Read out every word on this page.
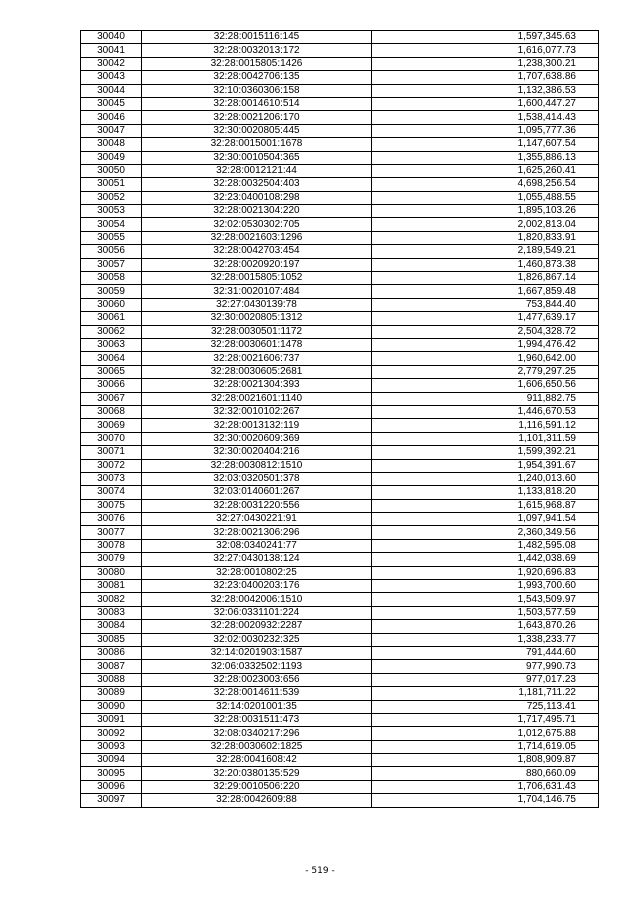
30040	32:28:0015116:145	1,597,345.63
30041	32:28:0032013:172	1,616,077.73
30042	32:28:0015805:1426	1,238,300.21
30043	32:28:0042706:135	1,707,638.86
30044	32:10:0360306:158	1,132,386.53
30045	32:28:0014610:514	1,600,447.27
30046	32:28:0021206:170	1,538,414.43
30047	32:30:0020805:445	1,095,777.36
30048	32:28:0015001:1678	1,147,607.54
30049	32:30:0010504:365	1,355,886.13
30050	32:28:0012121:44	1,625,260.41
30051	32:28:0032504:403	4,698,256.54
30052	32:23:0400108:298	1,055,488.55
30053	32:28:0021304:220	1,895,103.26
30054	32:02:0530302:705	2,002,813.04
30055	32:28:0021603:1296	1,820,833.91
30056	32:28:0042703:454	2,189,549.21
30057	32:28:0020920:197	1,460,873.38
30058	32:28:0015805:1052	1,826,867.14
30059	32:31:0020107:484	1,667,859.48
30060	32:27:0430139:78	753,844.40
30061	32:30:0020805:1312	1,477,639.17
30062	32:28:0030501:1172	2,504,328.72
30063	32:28:0030601:1478	1,994,476.42
30064	32:28:0021606:737	1,960,642.00
30065	32:28:0030605:2681	2,779,297.25
30066	32:28:0021304:393	1,606,650.56
30067	32:28:0021601:1140	911,882.75
30068	32:32:0010102:267	1,446,670.53
30069	32:28:0013132:119	1,116,591.12
30070	32:30:0020609:369	1,101,311.59
30071	32:30:0020404:216	1,599,392.21
30072	32:28:0030812:1510	1,954,391.67
30073	32:03:0320501:378	1,240,013.60
30074	32:03:0140601:267	1,133,818.20
30075	32:28:0031220:556	1,615,968.87
30076	32:27:0430221:91	1,097,941.54
30077	32:28:0021306:296	2,360,349.56
30078	32:08:0340241:77	1,482,595.08
30079	32:27:0430138:124	1,442,038.69
30080	32:28:0010802:25	1,920,696.83
30081	32:23:0400203:176	1,993,700.60
30082	32:28:0042006:1510	1,543,509.97
30083	32:06:0331101:224	1,503,577.59
30084	32:28:0020932:2287	1,643,870.26
30085	32:02:0030232:325	1,338,233.77
30086	32:14:0201903:1587	791,444.60
30087	32:06:0332502:1193	977,990.73
30088	32:28:0023003:656	977,017.23
30089	32:28:0014611:539	1,181,711.22
30090	32:14:0201001:35	725,113.41
30091	32:28:0031511:473	1,717,495.71
30092	32:08:0340217:296	1,012,675.88
30093	32:28:0030602:1825	1,714,619.05
30094	32:28:0041608:42	1,808,909.87
30095	32:20:0380135:529	880,660.09
30096	32:29:0010506:220	1,706,631.43
30097	32:28:0042609:88	1,704,146.75
- 519 -
